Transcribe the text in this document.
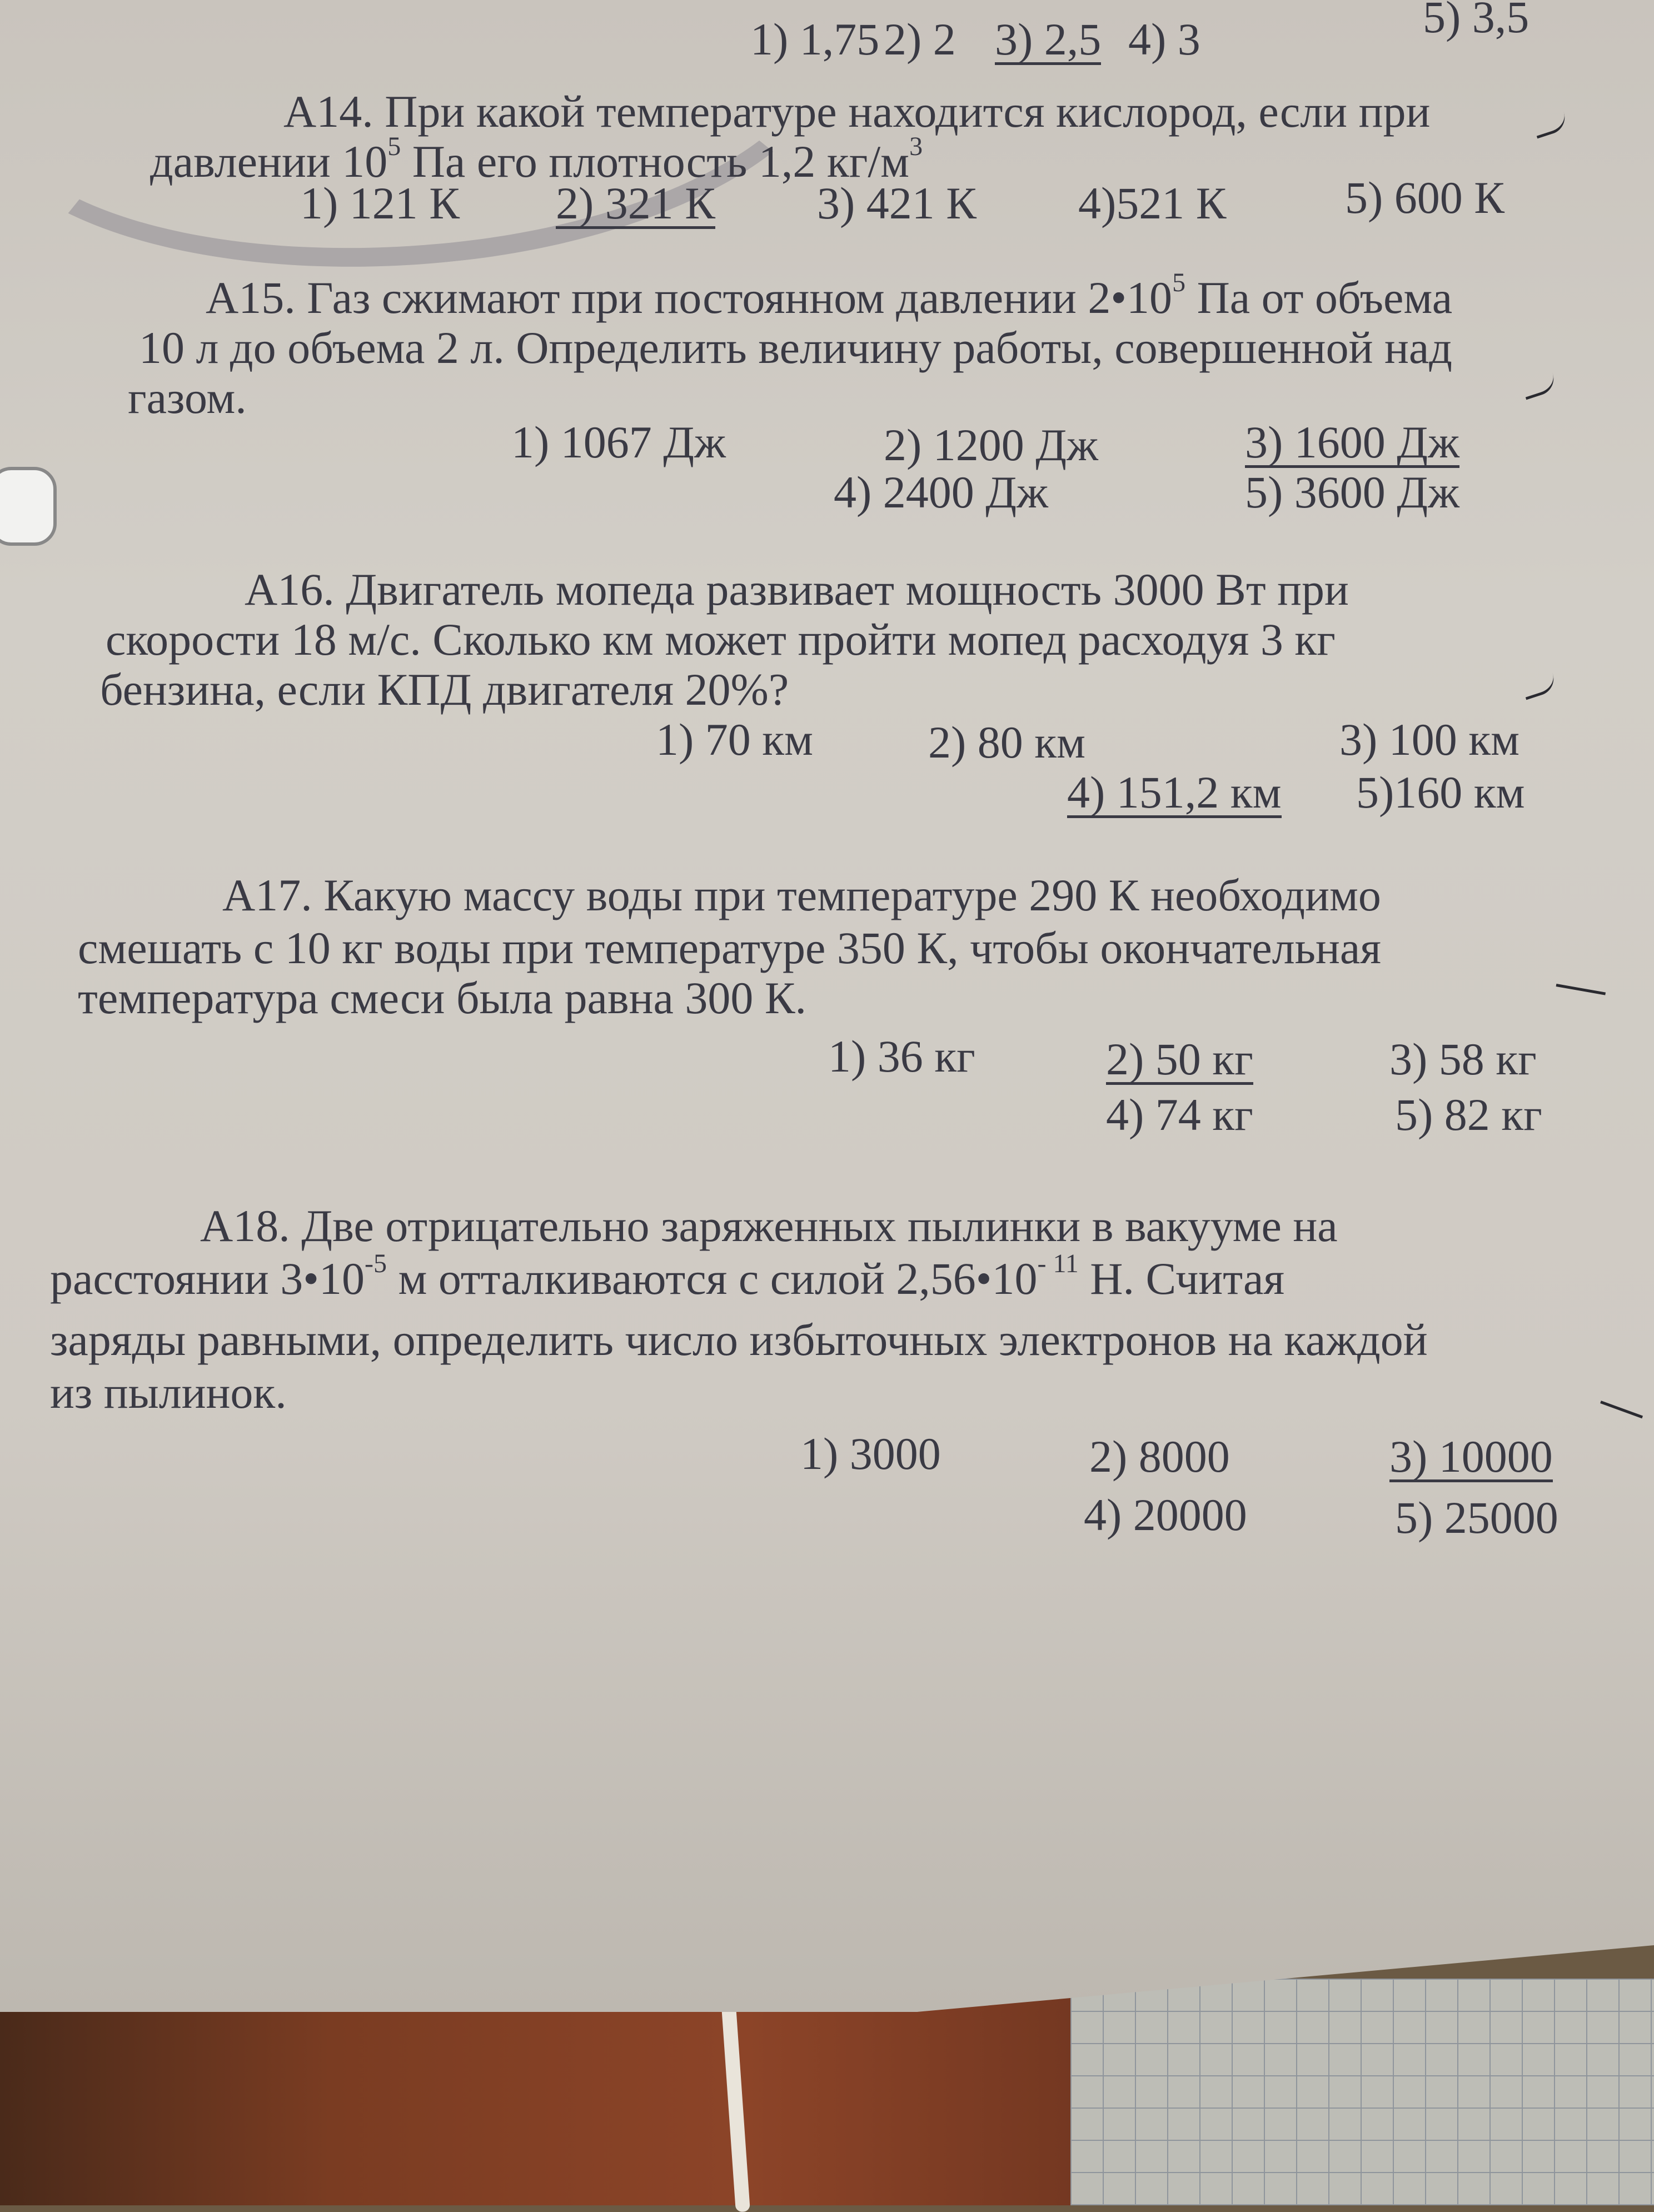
1) 1,75 2) 2 3) 2,5 4) 3	5) 3,5
А14. При какой температуре находится кислород, если при
давлении $10^5$ Па его плотность 1,2 $кг/м^3$
1) 121 К 2) 321 К 3) 421 К 4)521 К	5) 600 К
А15. Газ сжимают при постоянном давлении $2•10^5$ Па от объема
10 л до объема 2 л. Определить величину работы, совершенной над
газом.
1) 1067 Дж	2) 1200 Дж	3) 1600 Дж
4) 2400 Дж	5) 3600 Дж
А16. Двигатель мопеда развивает мощность 3000 Вт при
скорости 18 м/с. Сколько км может пройти мопед расходуя 3 кг
бензина, если КПД двигателя 20%?
1) 70 км	2) 80 км	3) 100 км
4) 151,2 км 5)160 км
А17. Какую массу воды при температуре 290 К необходимо
смешать с 10 кг воды при температуре 350 К, чтобы окончательная
температура смеси была равна 300 К.
1) 36 кг	2) 50 кг	3) 58 кг
4) 74 кг	5) 82 кг
А18. Две отрицательно заряженных пылинки в вакууме на
расстоянии $3•10^{-5}$ м отталкиваются с силой $2,56•10^{- 11}$ Н. Считая
заряды равными, определить число избыточных электронов на каждой
из пылинок.
1) 3000	2) 8000	3) 10000
4) 20000	5) 25000
